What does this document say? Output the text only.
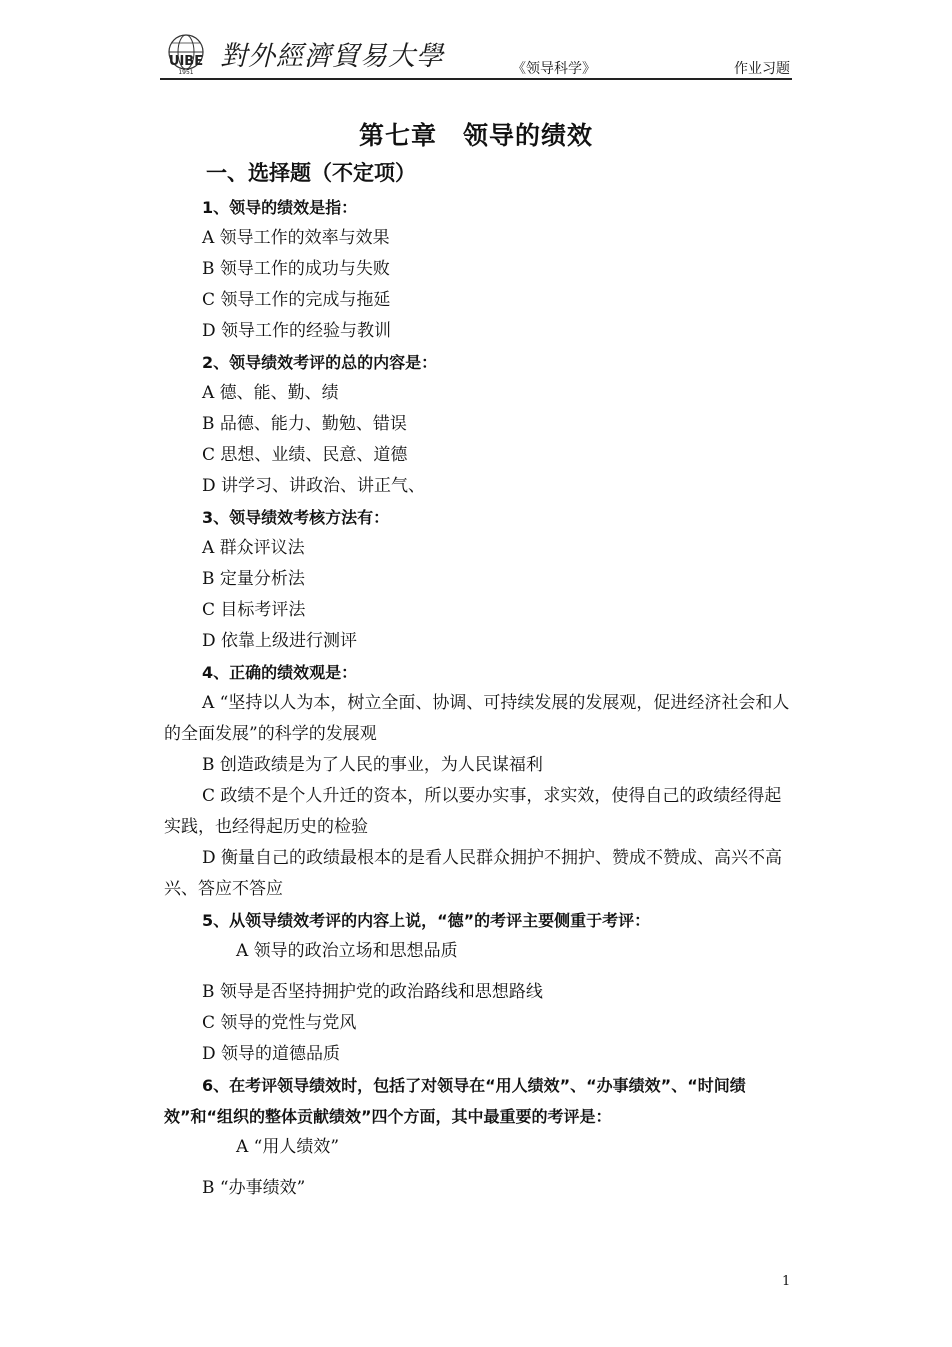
UIBE
1951
對外經濟貿易大學	《领导科学》	作业习题
第七章　领导的绩效
一、选择题（不定项）
1、领导的绩效是指：
A 领导工作的效率与效果
B 领导工作的成功与失败
C 领导工作的完成与拖延
D 领导工作的经验与教训
2、领导绩效考评的总的内容是：
A 德、能、勤、绩
B 品德、能力、勤勉、错误
C 思想、业绩、民意、道德
D 讲学习、讲政治、讲正气、
3、领导绩效考核方法有：
A 群众评议法
B 定量分析法
C 目标考评法
D 依靠上级进行测评
4、正确的绩效观是：
A “坚持以人为本，树立全面、协调、可持续发展的发展观，促进经济社会和人的全面发展”的科学的发展观
B 创造政绩是为了人民的事业，为人民谋福利
C 政绩不是个人升迁的资本，所以要办实事，求实效，使得自己的政绩经得起实践，也经得起历史的检验
D 衡量自己的政绩最根本的是看人民群众拥护不拥护、赞成不赞成、高兴不高兴、答应不答应
5、从领导绩效考评的内容上说，“德”的考评主要侧重于考评：
A 领导的政治立场和思想品质
B 领导是否坚持拥护党的政治路线和思想路线
C 领导的党性与党风
D 领导的道德品质
6、在考评领导绩效时，包括了对领导在“用人绩效”、“办事绩效”、“时间绩效”和“组织的整体贡献绩效”四个方面，其中最重要的考评是：
A “用人绩效”
B “办事绩效”
1
